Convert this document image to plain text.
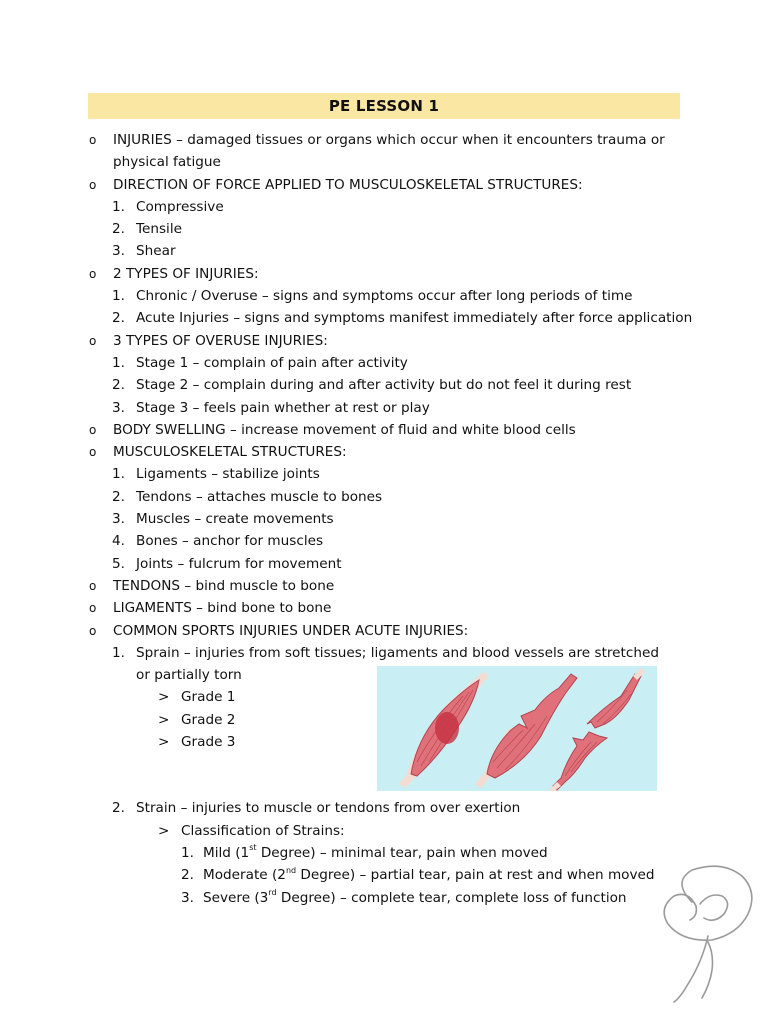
PE LESSON 1
o INJURIES – damaged tissues or organs which occur when it encounters trauma or physical fatigue
o DIRECTION OF FORCE APPLIED TO MUSCULOSKELETAL STRUCTURES:
1. Compressive
2. Tensile
3. Shear
o 2 TYPES OF INJURIES:
1. Chronic / Overuse – signs and symptoms occur after long periods of time
2. Acute Injuries – signs and symptoms manifest immediately after force application
o 3 TYPES OF OVERUSE INJURIES:
1. Stage 1 – complain of pain after activity
2. Stage 2 – complain during and after activity but do not feel it during rest
3. Stage 3 – feels pain whether at rest or play
o BODY SWELLING – increase movement of fluid and white blood cells
o MUSCULOSKELETAL STRUCTURES:
1. Ligaments – stabilize joints
2. Tendons – attaches muscle to bones
3. Muscles – create movements
4. Bones – anchor for muscles
5. Joints – fulcrum for movement
o TENDONS – bind muscle to bone
o LIGAMENTS – bind bone to bone
o COMMON SPORTS INJURIES UNDER ACUTE INJURIES:
1. Sprain – injuries from soft tissues; ligaments and blood vessels are stretched or partially torn
> Grade 1
> Grade 2
> Grade 3
2. Strain – injuries to muscle or tendons from over exertion
> Classification of Strains:
1. Mild (1st Degree) – minimal tear, pain when moved
2. Moderate (2nd Degree) – partial tear, pain at rest and when moved
3. Severe (3rd Degree) – complete tear, complete loss of function
